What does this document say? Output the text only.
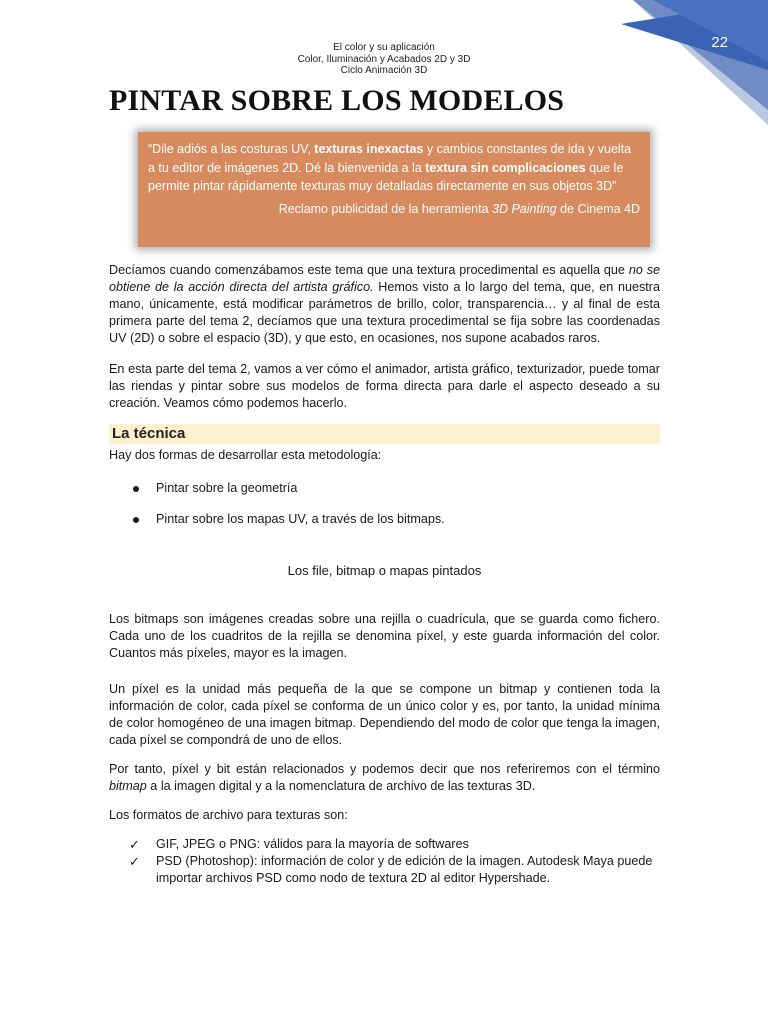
22
El color y su aplicación
Color, Iluminación y Acabados 2D y 3D
Ciclo Animación 3D
PINTAR SOBRE LOS MODELOS

“Dile adiós a las costuras UV, texturas inexactas y cambios constantes de ida y vuelta a tu editor de imágenes 2D. Dé la bienvenida a la textura sin complicaciones que le permite pintar rápidamente texturas muy detalladas directamente en sus objetos 3D”

Reclamo publicidad de la herramienta 3D Painting de Cinema 4D

Decíamos cuando comenzábamos este tema que una textura procedimental es aquella que no se obtiene de la acción directa del artista gráfico. Hemos visto a lo largo del tema, que, en nuestra mano, únicamente, está modificar parámetros de brillo, color, transparencia… y al final de esta primera parte del tema 2, decíamos que una textura procedimental se fija sobre las coordenadas UV (2D) o sobre el espacio (3D), y que esto, en ocasiones, nos supone acabados raros.

En esta parte del tema 2, vamos a ver cómo el animador, artista gráfico, texturizador, puede tomar las riendas y pintar sobre sus modelos de forma directa para darle el aspecto deseado a su creación. Veamos cómo podemos hacerlo.

La técnica

Hay dos formas de desarrollar esta metodología:

Pintar sobre la geometría
Pintar sobre los mapas UV, a través de los bitmaps.

Los file, bitmap o mapas pintados

Los bitmaps son imágenes creadas sobre una rejilla o cuadrícula, que se guarda como fichero. Cada uno de los cuadritos de la rejilla se denomina píxel, y este guarda información del color. Cuantos más píxeles, mayor es la imagen.

Un píxel es la unidad más pequeña de la que se compone un bitmap y contienen toda la información de color, cada píxel se conforma de un único color y es, por tanto, la unidad mínima de color homogéneo de una imagen bitmap. Dependiendo del modo de color que tenga la imagen, cada píxel se compondrá de uno de ellos.

Por tanto, píxel y bit están relacionados y podemos decir que nos referiremos con el término bitmap a la imagen digital y a la nomenclatura de archivo de las texturas 3D.

Los formatos de archivo para texturas son:

✓ GIF, JPEG o PNG: válidos para la mayoría de softwares
✓ PSD (Photoshop): información de color y de edición de la imagen. Autodesk Maya puede importar archivos PSD como nodo de textura 2D al editor Hypershade.
